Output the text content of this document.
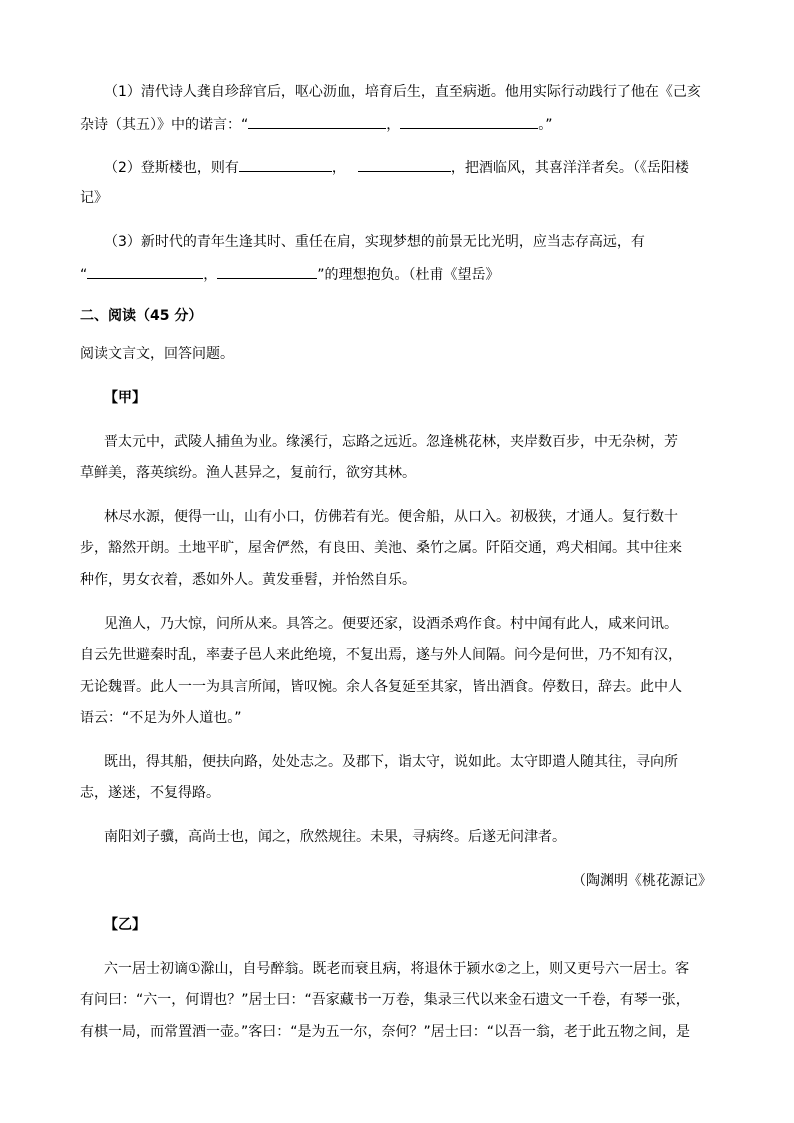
（1）清代诗人龚自珍辞官后，呕心沥血，培育后生，直至病逝。他用实际行动践行了他在《己亥
杂诗（其五）》中的诺言：“	，	。”
（2）登斯楼也，则有	，	，把酒临风，其喜洋洋者矣。（《岳阳楼
记》
（3）新时代的青年生逢其时、重任在肩，实现梦想的前景无比光明，应当志存高远，有
“	，	”的理想抱负。（杜甫《望岳》
二、阅读（45 分）
阅读文言文，回答问题。
【甲】
晋太元中，武陵人捕鱼为业。缘溪行，忘路之远近。忽逢桃花林，夹岸数百步，中无杂树，芳
草鲜美，落英缤纷。渔人甚异之，复前行，欲穷其林。
林尽水源，便得一山，山有小口，仿佛若有光。便舍船，从口入。初极狭，才通人。复行数十
步，豁然开朗。土地平旷，屋舍俨然，有良田、美池、桑竹之属。阡陌交通，鸡犬相闻。其中往来
种作，男女衣着，悉如外人。黄发垂髫，并怡然自乐。
见渔人，乃大惊，问所从来。具答之。便要还家，设酒杀鸡作食。村中闻有此人，咸来问讯。
自云先世避秦时乱，率妻子邑人来此绝境，不复出焉，遂与外人间隔。问今是何世，乃不知有汉，
无论魏晋。此人一一为具言所闻，皆叹惋。余人各复延至其家，皆出酒食。停数日，辞去。此中人
语云：“不足为外人道也。”
既出，得其船，便扶向路，处处志之。及郡下，诣太守，说如此。太守即遣人随其往，寻向所
志，遂迷，不复得路。
南阳刘子骥，高尚士也，闻之，欣然规往。未果，寻病终。后遂无问津者。
（陶渊明《桃花源记》
【乙】
六一居士初谪①滁山，自号醉翁。既老而衰且病，将退休于颍水②之上，则又更号六一居士。客
有问曰：“六一，何谓也？”居士曰：“吾家藏书一万卷，集录三代以来金石遗文一千卷，有琴一张，
有棋一局，而常置酒一壶。”客曰：“是为五一尔，奈何？”居士曰：“以吾一翁，老于此五物之间，是
